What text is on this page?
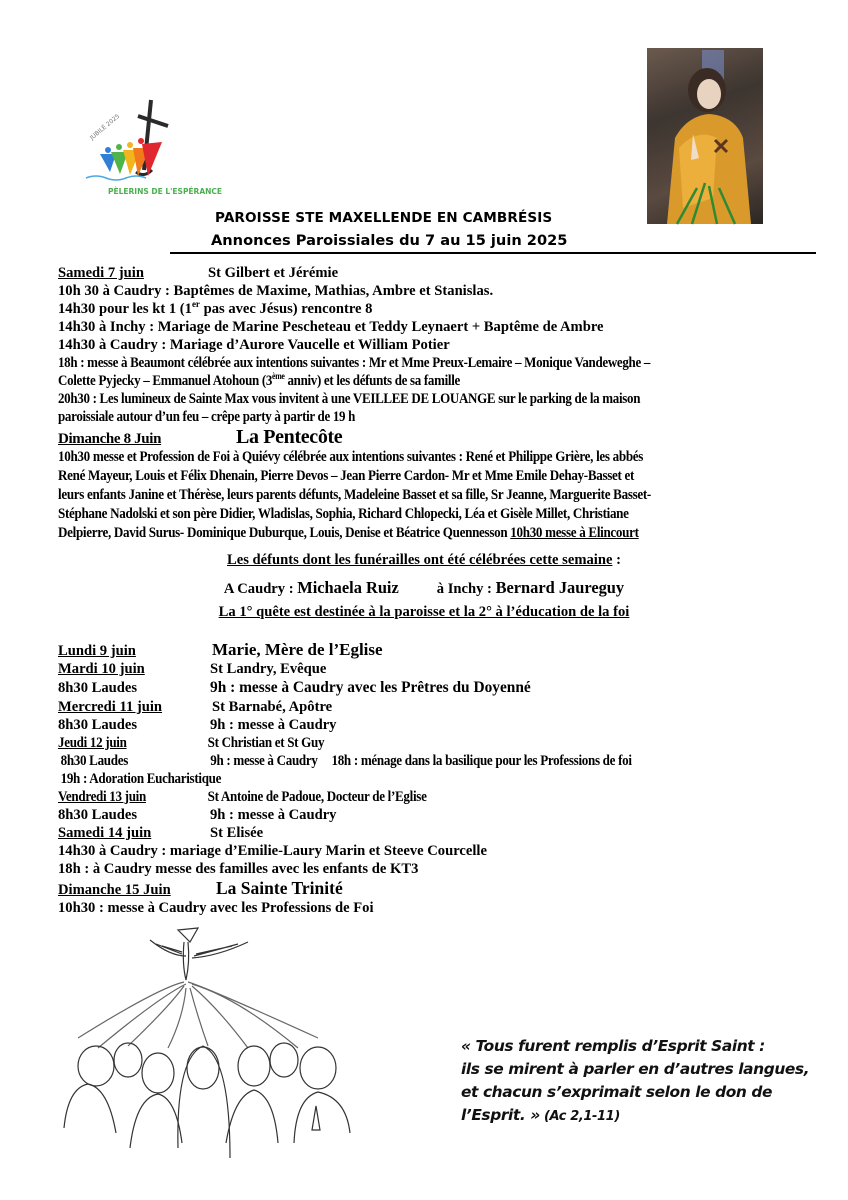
JUBILÉ 2025
PÈLERINS DE L'ESPÉRANCE
PAROISSE STE MAXELLENDE EN CAMBRÉSIS
Annonces Paroissiales du 7 au 15 juin 2025
Samedi 7 juin	St Gilbert et Jérémie
10h 30 à Caudry : Baptêmes de Maxime, Mathias, Ambre et Stanislas.
14h30 pour les kt 1 (1er pas avec Jésus) rencontre 8
14h30 à Inchy : Mariage de Marine Pescheteau et Teddy Leynaert + Baptême de Ambre
14h30 à Caudry : Mariage d’Aurore Vaucelle et William Potier
18h : messe à Beaumont célébrée aux intentions suivantes : Mr et Mme Preux-Lemaire – Monique Vandeweghe –
Colette Pyjecky – Emmanuel Atohoun (3ème anniv) et les défunts de sa famille
20h30 : Les lumineux de Sainte Max vous invitent à une VEILLEE DE LOUANGE sur le parking de la maison
paroissiale autour d’un feu – crêpe party à partir de 19 h
Dimanche 8 Juin	La Pentecôte
10h30 messe et Profession de Foi à Quiévy célébrée aux intentions suivantes : René et Philippe Grière, les abbés
René Mayeur, Louis et Félix Dhenain, Pierre Devos – Jean Pierre Cardon- Mr et Mme Emile Dehay-Basset et
leurs enfants Janine et Thérèse, leurs parents défunts, Madeleine Basset et sa fille, Sr Jeanne, Marguerite Basset-
Stéphane Nadolski et son père Didier, Wladislas, Sophia, Richard Chlopecki, Léa et Gisèle Millet, Christiane
Delpierre, David Surus- Dominique Duburque, Louis, Denise et Béatrice Quennesson 10h30 messe à Elincourt
Les défunts dont les funérailles ont été célébrées cette semaine :
A Caudry : Michaela Ruiz	à Inchy : Bernard Jaureguy
La 1° quête est destinée à la paroisse et la 2° à l’éducation de la foi
Lundi 9 juin	Marie, Mère de l’Eglise
Mardi 10 juin	St Landry, Evêque
8h30 Laudes	9h : messe à Caudry avec les Prêtres du Doyenné
Mercredi 11 juin	St Barnabé, Apôtre
8h30 Laudes	9h : messe à Caudry
Jeudi 12 juin	St Christian et St Guy
8h30 Laudes	9h : messe à Caudry 18h : ménage dans la basilique pour les Professions de foi
19h : Adoration Eucharistique
Vendredi 13 juin	St Antoine de Padoue, Docteur de l’Eglise
8h30 Laudes	9h : messe à Caudry
Samedi 14 juin	St Elisée
14h30 à Caudry : mariage d’Emilie-Laury Marin et Steeve Courcelle
18h : à Caudry messe des familles avec les enfants de KT3
Dimanche 15 Juin	La Sainte Trinité
10h30 : messe à Caudry avec les Professions de Foi
« Tous furent remplis d’Esprit Saint :
ils se mirent à parler en d’autres langues,
et chacun s’exprimait selon le don de
l’Esprit. » (Ac 2,1-11)
